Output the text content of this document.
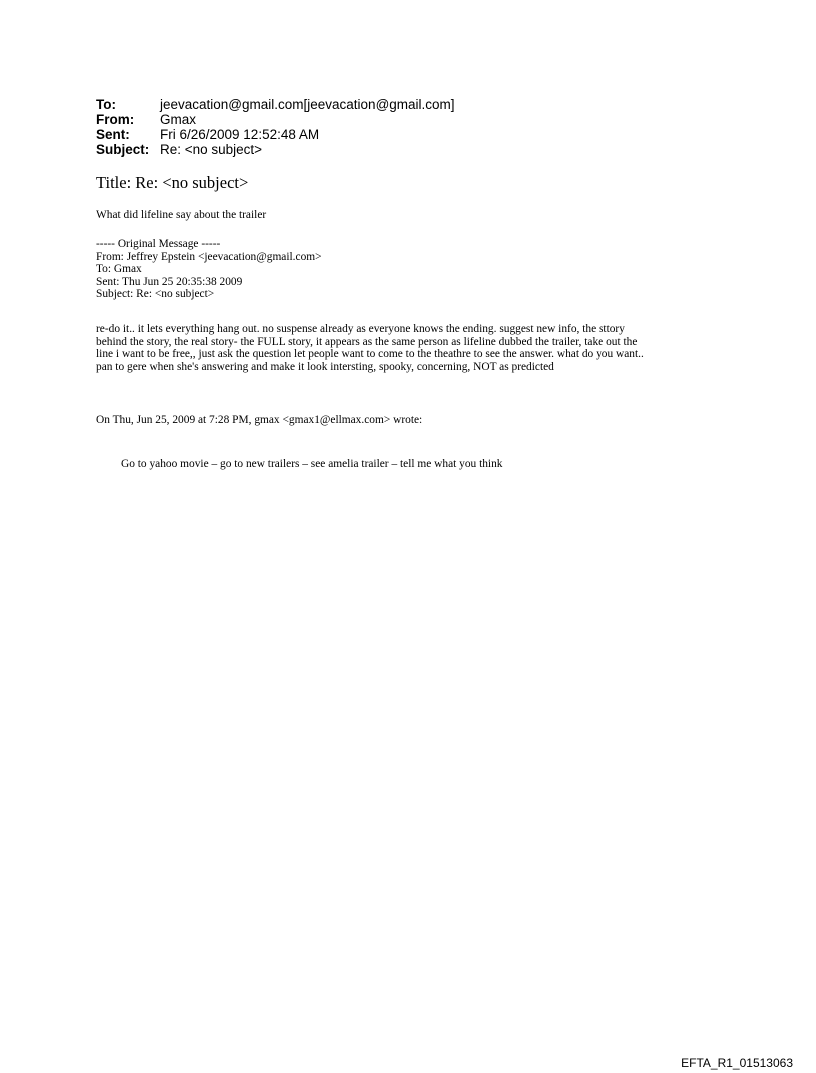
To:	jeevacation@gmail.com[jeevacation@gmail.com]
From:	Gmax
Sent:	Fri 6/26/2009 12:52:48 AM
Subject: Re: <no subject>
Title: Re: <no subject>
What did lifeline say about the trailer
----- Original Message -----
From: Jeffrey Epstein <jeevacation@gmail.com>
To: Gmax
Sent: Thu Jun 25 20:35:38 2009
Subject: Re: <no subject>
re-do it.. it lets everything hang out. no suspense already as everyone knows the ending. suggest new info, the sttory
behind the story, the real story- the FULL story, it appears as the same person as lifeline dubbed the trailer, take out the
line i want to be free,, just ask the question let people want to come to the theathre to see the answer. what do you want..
pan to gere when she's answering and make it look intersting, spooky, concerning, NOT as predicted
On Thu, Jun 25, 2009 at 7:28 PM, gmax <gmax1@ellmax.com> wrote:
Go to yahoo movie – go to new trailers – see amelia trailer – tell me what you think
EFTA_R1_01513063
